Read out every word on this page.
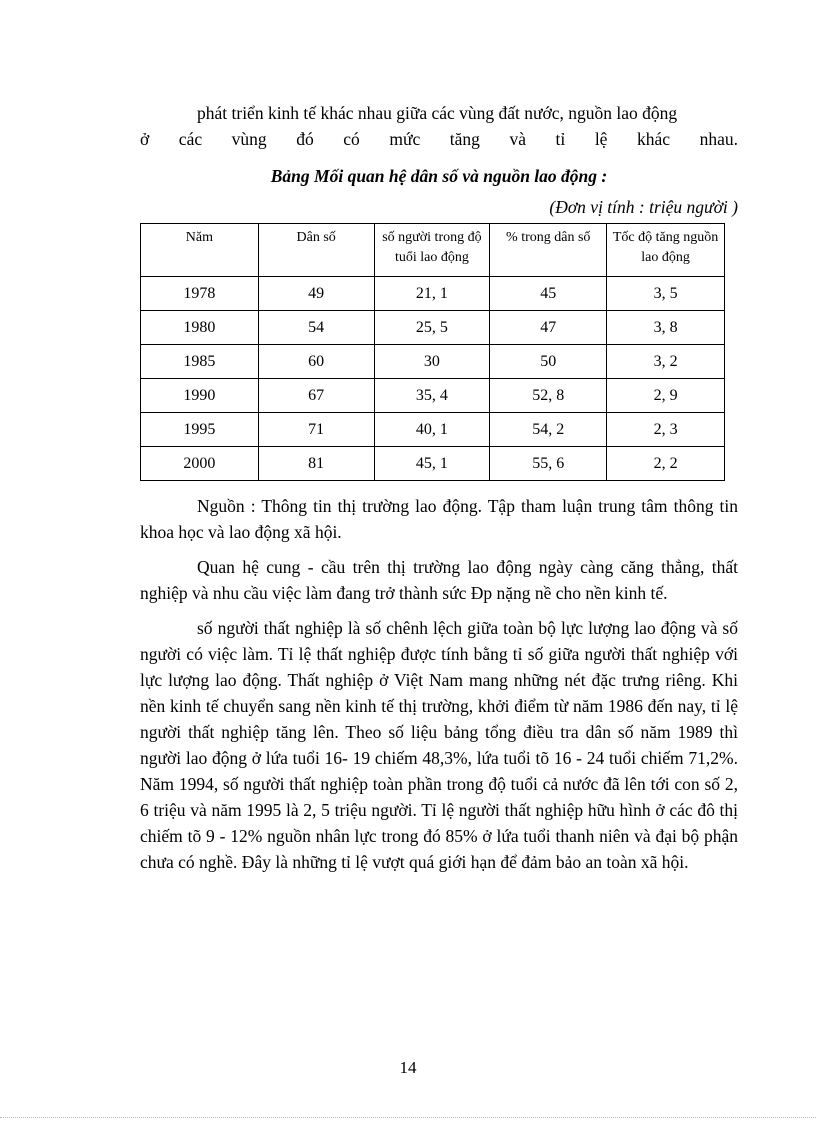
phát triển kinh tế khác nhau giữa các vùng đất nước, nguồn lao động

ở các vùng đó có mức tăng và tỉ lệ khác nhau.

Bảng Mối quan hệ dân số và nguồn lao động :
(Đơn vị tính : triệu người )
Năm	Dân số	số người trong độ tuổi lao động	% trong dân số	Tốc độ tăng nguồn lao động
1978	49	21, 1	45	3, 5
1980	54	25, 5	47	3, 8
1985	60	30	50	3, 2
1990	67	35, 4	52, 8	2, 9
1995	71	40, 1	54, 2	2, 3
2000	81	45, 1	55, 6	2, 2

Nguồn : Thông tin thị trường lao động. Tập tham luận trung tâm thông tin khoa học và lao động xã hội.

Quan hệ cung - cầu trên thị trường lao động ngày càng căng thẳng, thất nghiệp và nhu cầu việc làm đang trở thành sức Đp nặng nề cho nền kinh tế.

số người thất nghiệp là số chênh lệch giữa toàn bộ lực lượng lao động và số người có việc làm. Tỉ lệ thất nghiệp được tính bằng tỉ số giữa người thất nghiệp với lực lượng lao động. Thất nghiệp ở Việt Nam mang những nét đặc trưng riêng. Khi nền kinh tế chuyển sang nền kinh tế thị trường, khởi điểm từ năm 1986 đến nay, tỉ lệ người thất nghiệp tăng lên. Theo số liệu bảng tổng điều tra dân số năm 1989 thì người lao động ở lứa tuổi 16- 19 chiếm 48,3%, lứa tuổi tõ 16 - 24 tuổi chiếm 71,2%. Năm 1994, số người thất nghiệp toàn phần trong độ tuổi cả nước đã lên tới con số 2, 6 triệu và năm 1995 là 2, 5 triệu người. Tỉ lệ người thất nghiệp hữu hình ở các đô thị chiếm tõ 9 - 12% nguồn nhân lực trong đó 85% ở lứa tuổi thanh niên và đại bộ phận chưa có nghề. Đây là những tỉ lệ vượt quá giới hạn để đảm bảo an toàn xã hội.

14
